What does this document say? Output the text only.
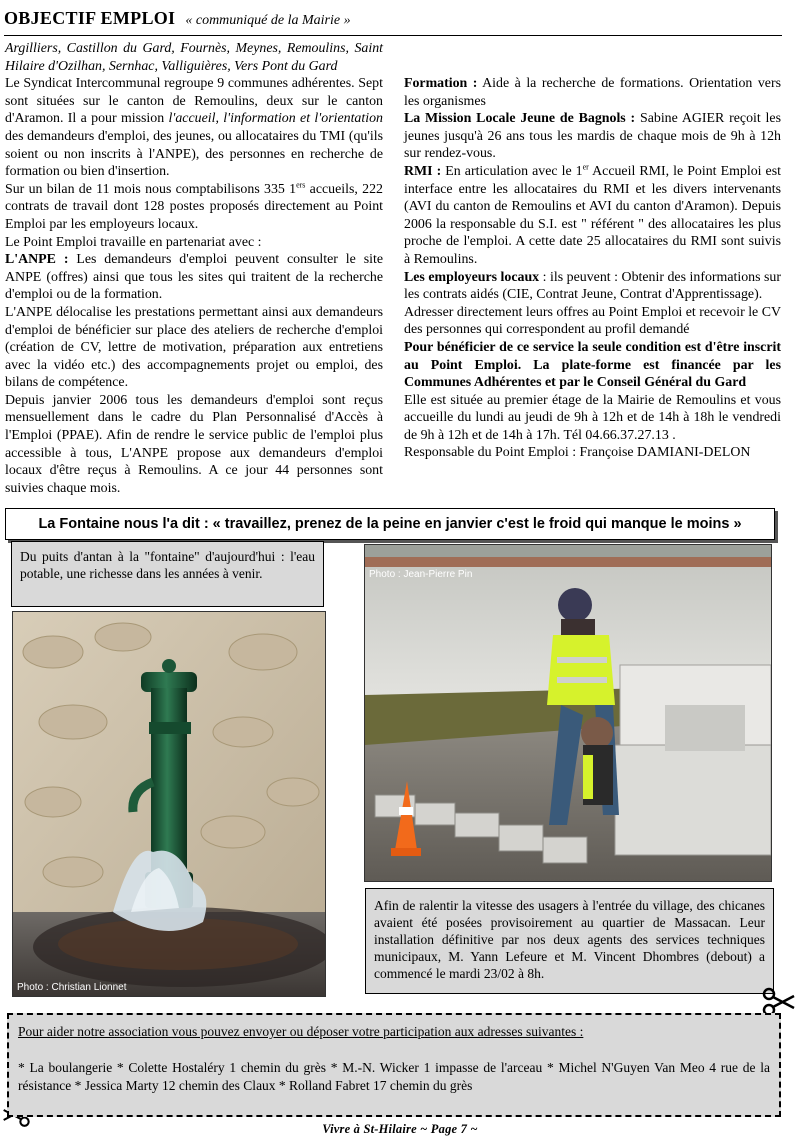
OBJECTIF EMPLOI « communiqué de la Mairie »

Argilliers, Castillon du Gard, Fournès, Meynes, Remoulins, Saint Hilaire d'Ozilhan, Sernhac, Valliguières, Vers Pont du Gard

Le Syndicat Intercommunal regroupe 9 communes adhérentes. Sept sont situées sur le canton de Remoulins, deux sur le canton d'Aramon. Il a pour mission l'accueil, l'information et l'orientation des demandeurs d'emploi, des jeunes, ou allocataires du TMI (qu'ils soient ou non inscrits à l'ANPE), des personnes en recherche de formation ou bien d'insertion.

Sur un bilan de 11 mois nous comptabilisons 335 1ers accueils, 222 contrats de travail dont 128 postes proposés directement au Point Emploi par les employeurs locaux.

Le Point Emploi travaille en partenariat avec :

L'ANPE : Les demandeurs d'emploi peuvent consulter le site ANPE (offres) ainsi que tous les sites qui traitent de la recherche d'emploi ou de la formation.

L'ANPE délocalise les prestations permettant ainsi aux demandeurs d'emploi de bénéficier sur place des ateliers de recherche d'emploi (création de CV, lettre de motivation, préparation aux entretiens avec la vidéo etc.) des accompagnements projet ou emploi, des bilans de compétence.

Depuis janvier 2006 tous les demandeurs d'emploi sont reçus mensuellement dans le cadre du Plan Personnalisé d'Accès à l'Emploi (PPAE). Afin de rendre le service public de l'emploi plus accessible à tous, L'ANPE propose aux demandeurs d'emploi locaux d'être reçus à Remoulins. A ce jour 44 personnes sont suivies chaque mois.

Formation : Aide à la recherche de formations. Orientation vers les organismes

La Mission Locale Jeune de Bagnols : Sabine AGIER reçoit les jeunes jusqu'à 26 ans tous les mardis de chaque mois de 9h à 12h sur rendez-vous.

RMI : En articulation avec le 1er Accueil RMI, le Point Emploi est interface entre les allocataires du RMI et les divers intervenants (AVI du canton de Remoulins et AVI du canton d'Aramon). Depuis 2006 la responsable du S.I. est " référent " des allocataires les plus proche de l'emploi. A cette date 25 allocataires du RMI sont suivis à Remoulins.

Les employeurs locaux : ils peuvent : Obtenir des informations sur les contrats aidés (CIE, Contrat Jeune, Contrat d'Apprentissage).

Adresser directement leurs offres au Point Emploi et recevoir le CV des personnes qui correspondent au profil demandé

Pour bénéficier de ce service la seule condition est d'être inscrit au Point Emploi. La plate-forme est financée par les Communes Adhérentes et par le Conseil Général du Gard

Elle est située au premier étage de la Mairie de Remoulins et vous accueille du lundi au jeudi de 9h à 12h et de 14h à 18h le vendredi de 9h à 12h et de 14h à 17h. Tél 04.66.37.27.13 .

Responsable du Point Emploi : Françoise DAMIANI-DELON

La Fontaine nous l'a dit : « travaillez, prenez de la peine en janvier c'est le froid qui manque le moins »
Du puits d'antan à la "fontaine" d'aujourd'hui : l'eau potable, une richesse dans les années à venir.
Photo : Christian Lionnet
Photo : Jean-Pierre Pin
Afin de ralentir la vitesse des usagers à l'entrée du village, des chicanes avaient été posées provisoirement au quartier de Massacan. Leur installation définitive par nos deux agents des services techniques municipaux, M. Yann Lefeure et M. Vincent Dhombres (debout) a commencé le mardi 23/02 à 8h.
Pour aider notre association vous pouvez envoyer ou déposer votre participation aux adresses suivantes :
* La boulangerie * Colette Hostaléry 1 chemin du grès * M.-N. Wicker 1 impasse de l'arceau * Michel N'Guyen Van Meo 4 rue de la résistance * Jessica Marty 12 chemin des Claux * Rolland Fabret 17 chemin du grès
Vivre à St-Hilaire ~ Page 7 ~
